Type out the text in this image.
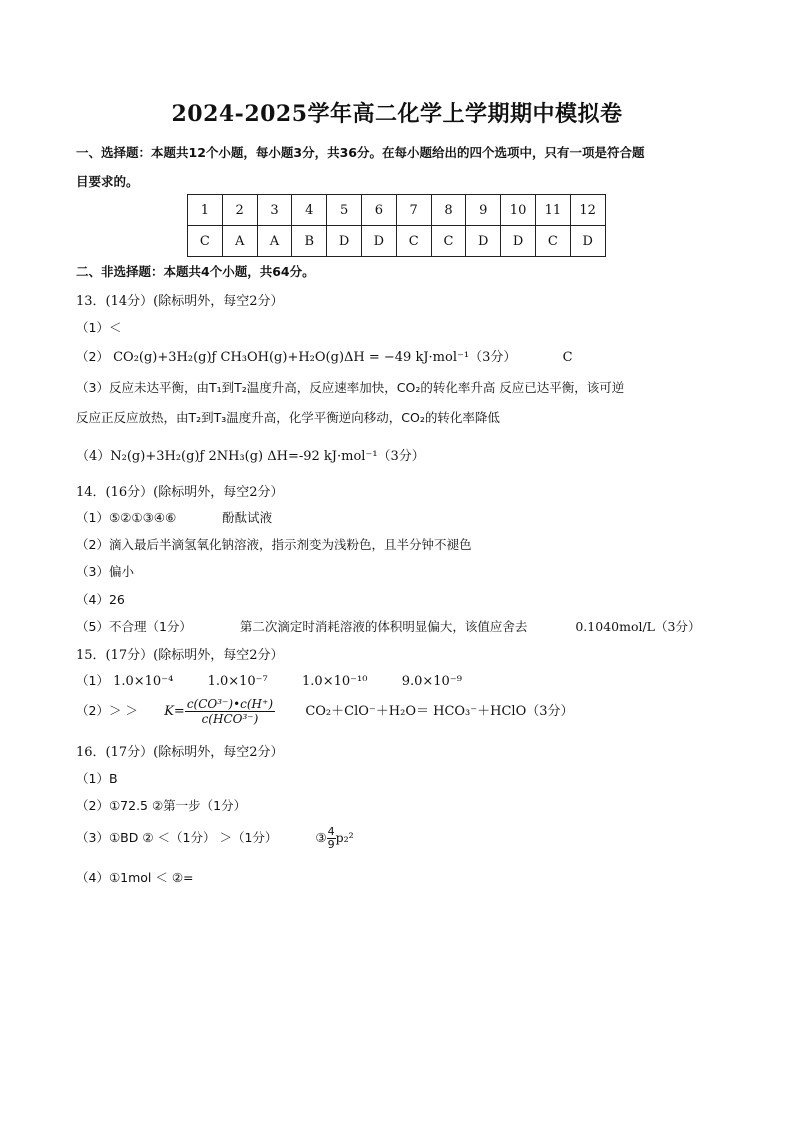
2024-2025学年高二化学上学期期中模拟卷
一、选择题：本题共12个小题，每小题3分，共36分。在每小题给出的四个选项中，只有一项是符合题
目要求的。
1	2	3	4	5	6	7	8	9	10	11	12
C	A	A	B	D	D	C	C	D	D	C	D
二、非选择题：本题共4个小题，共64分。
13．(14分）(除标明外，每空2分）
（1）＜
（2） CO₂(g)+3H₂(g)ƒ CH₃OH(g)+H₂O(g)ΔH = −49 kJ·mol⁻¹（3分）	C
（3）反应未达平衡，由T₁到T₂温度升高，反应速率加快，CO₂的转化率升高 反应已达平衡，该可逆
反应正反应放热，由T₂到T₃温度升高，化学平衡逆向移动，CO₂的转化率降低
（4）N₂(g)+3H₂(g)ƒ 2NH₃(g) ΔH=-92 kJ·mol⁻¹（3分）
14．(16分）(除标明外，每空2分）
（1）⑤②①③④⑥	酚酞试液
（2）滴入最后半滴氢氧化钠溶液，指示剂变为浅粉色，且半分钟不褪色
（3）偏小
（4）26
（5）不合理（1分）	第二次滴定时消耗溶液的体积明显偏大，该值应舍去	0.1040mol/L（3分）
15．(17分）(除标明外，每空2分）
（1） 1.0×10⁻⁴	1.0×10⁻⁷	1.0×10⁻¹⁰	9.0×10⁻⁹
$(2)> > K= \frac{\text{c(CO³⁻)•c(H⁺)}}{\text{c(HCO³⁻)}} CO_2+ClO^-+H_2O=$ HCO₃⁻＋HClO（3分）
16．(17分）(除标明外，每空2分）
（1）B
（2）①72.5 ②第一步（1分）
（3）①BD ② ＜（1分） ＞（1分）	③ $\frac{4}{9} p_2^2$
（4）①1mol ＜ ②=
